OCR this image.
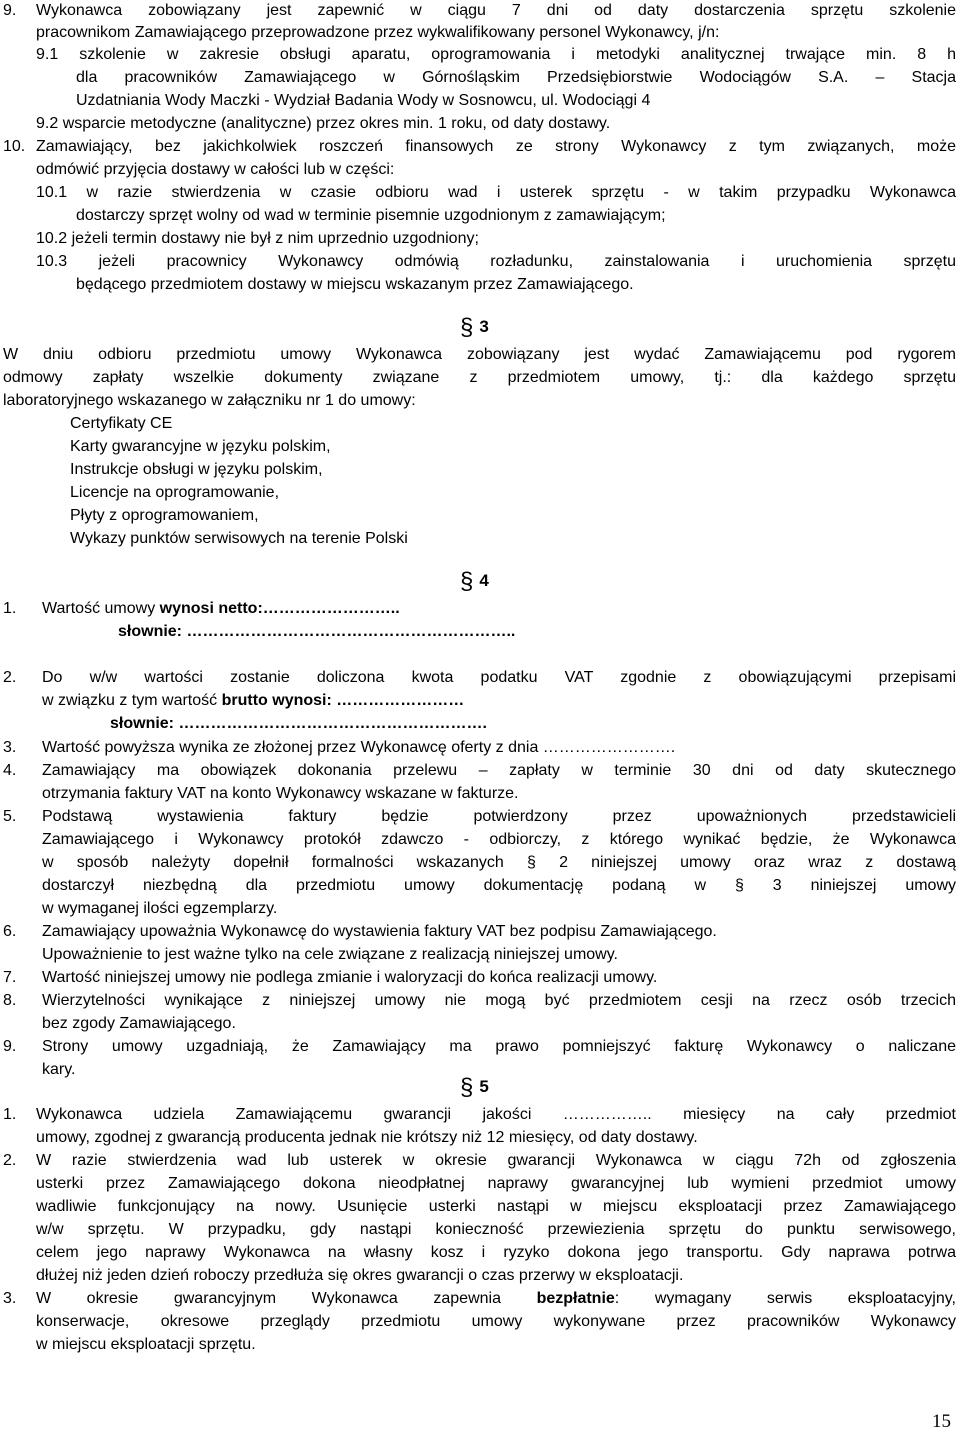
9. Wykonawca zobowiązany jest zapewnić w ciągu 7 dni od daty dostarczenia sprzętu szkolenie
pracownikom Zamawiającego przeprowadzone przez wykwalifikowany personel Wykonawcy, j/n:
9.1 szkolenie w zakresie obsługi aparatu, oprogramowania i metodyki analitycznej trwające min. 8 h
dla pracowników Zamawiającego w Górnośląskim Przedsiębiorstwie Wodociągów S.A. – Stacja
Uzdatniania Wody Maczki - Wydział Badania Wody w Sosnowcu, ul. Wodociągi 4
9.2 wsparcie metodyczne (analityczne) przez okres min. 1 roku, od daty dostawy.
10. Zamawiający, bez jakichkolwiek roszczeń finansowych ze strony Wykonawcy z tym związanych, może
odmówić przyjęcia dostawy w całości lub w części:
10.1 w razie stwierdzenia w czasie odbioru wad i usterek sprzętu - w takim przypadku Wykonawca
dostarczy sprzęt wolny od wad w terminie pisemnie uzgodnionym z zamawiającym;
10.2 jeżeli termin dostawy nie był z nim uprzednio uzgodniony;
10.3 jeżeli pracownicy Wykonawcy odmówią rozładunku, zainstalowania i uruchomienia sprzętu
będącego przedmiotem dostawy w miejscu wskazanym przez Zamawiającego.
§ 3
W dniu odbioru przedmiotu umowy Wykonawca zobowiązany jest wydać Zamawiającemu pod rygorem
odmowy zapłaty wszelkie dokumenty związane z przedmiotem umowy, tj.: dla każdego sprzętu
laboratoryjnego wskazanego w załączniku nr 1 do umowy:
Certyfikaty CE
Karty gwarancyjne w języku polskim,
Instrukcje obsługi w języku polskim,
Licencje na oprogramowanie,
Płyty z oprogramowaniem,
Wykazy punktów serwisowych na terenie Polski
§ 4
1. Wartość umowy wynosi netto:……………………..
słownie: ……………………………………………………..
2. Do w/w wartości zostanie doliczona kwota podatku VAT zgodnie z obowiązującymi przepisami
w związku z tym wartość brutto wynosi: ……………………
słownie: ………………………………………………….
3. Wartość powyższa wynika ze złożonej przez Wykonawcę oferty z dnia …………………….
4. Zamawiający ma obowiązek dokonania przelewu – zapłaty w terminie 30 dni od daty skutecznego
otrzymania faktury VAT na konto Wykonawcy wskazane w fakturze.
5. Podstawą wystawienia faktury będzie potwierdzony przez upoważnionych przedstawicieli
Zamawiającego i Wykonawcy protokół zdawczo - odbiorczy, z którego wynikać będzie, że Wykonawca
w sposób należyty dopełnił formalności wskazanych § 2 niniejszej umowy oraz wraz z dostawą
dostarczył niezbędną dla przedmiotu umowy dokumentację podaną w § 3 niniejszej umowy
w wymaganej ilości egzemplarzy.
6. Zamawiający upoważnia Wykonawcę do wystawienia faktury VAT bez podpisu Zamawiającego.
Upoważnienie to jest ważne tylko na cele związane z realizacją niniejszej umowy.
7. Wartość niniejszej umowy nie podlega zmianie i waloryzacji do końca realizacji umowy.
8. Wierzytelności wynikające z niniejszej umowy nie mogą być przedmiotem cesji na rzecz osób trzecich
bez zgody Zamawiającego.
9. Strony umowy uzgadniają, że Zamawiający ma prawo pomniejszyć fakturę Wykonawcy o naliczane
kary.
§ 5
1. Wykonawca udziela Zamawiającemu gwarancji jakości …………….. miesięcy na cały przedmiot
umowy, zgodnej z gwarancją producenta jednak nie krótszy niż 12 miesięcy, od daty dostawy.
2. W razie stwierdzenia wad lub usterek w okresie gwarancji Wykonawca w ciągu 72h od zgłoszenia
usterki przez Zamawiającego dokona nieodpłatnej naprawy gwarancyjnej lub wymieni przedmiot umowy
wadliwie funkcjonujący na nowy. Usunięcie usterki nastąpi w miejscu eksploatacji przez Zamawiającego
w/w sprzętu. W przypadku, gdy nastąpi konieczność przewiezienia sprzętu do punktu serwisowego,
celem jego naprawy Wykonawca na własny kosz i ryzyko dokona jego transportu. Gdy naprawa potrwa
dłużej niż jeden dzień roboczy przedłuża się okres gwarancji o czas przerwy w eksploatacji.
3. W okresie gwarancyjnym Wykonawca zapewnia bezpłatnie: wymagany serwis eksploatacyjny,
konserwacje, okresowe przeglądy przedmiotu umowy wykonywane przez pracowników Wykonawcy
w miejscu eksploatacji sprzętu.
15
